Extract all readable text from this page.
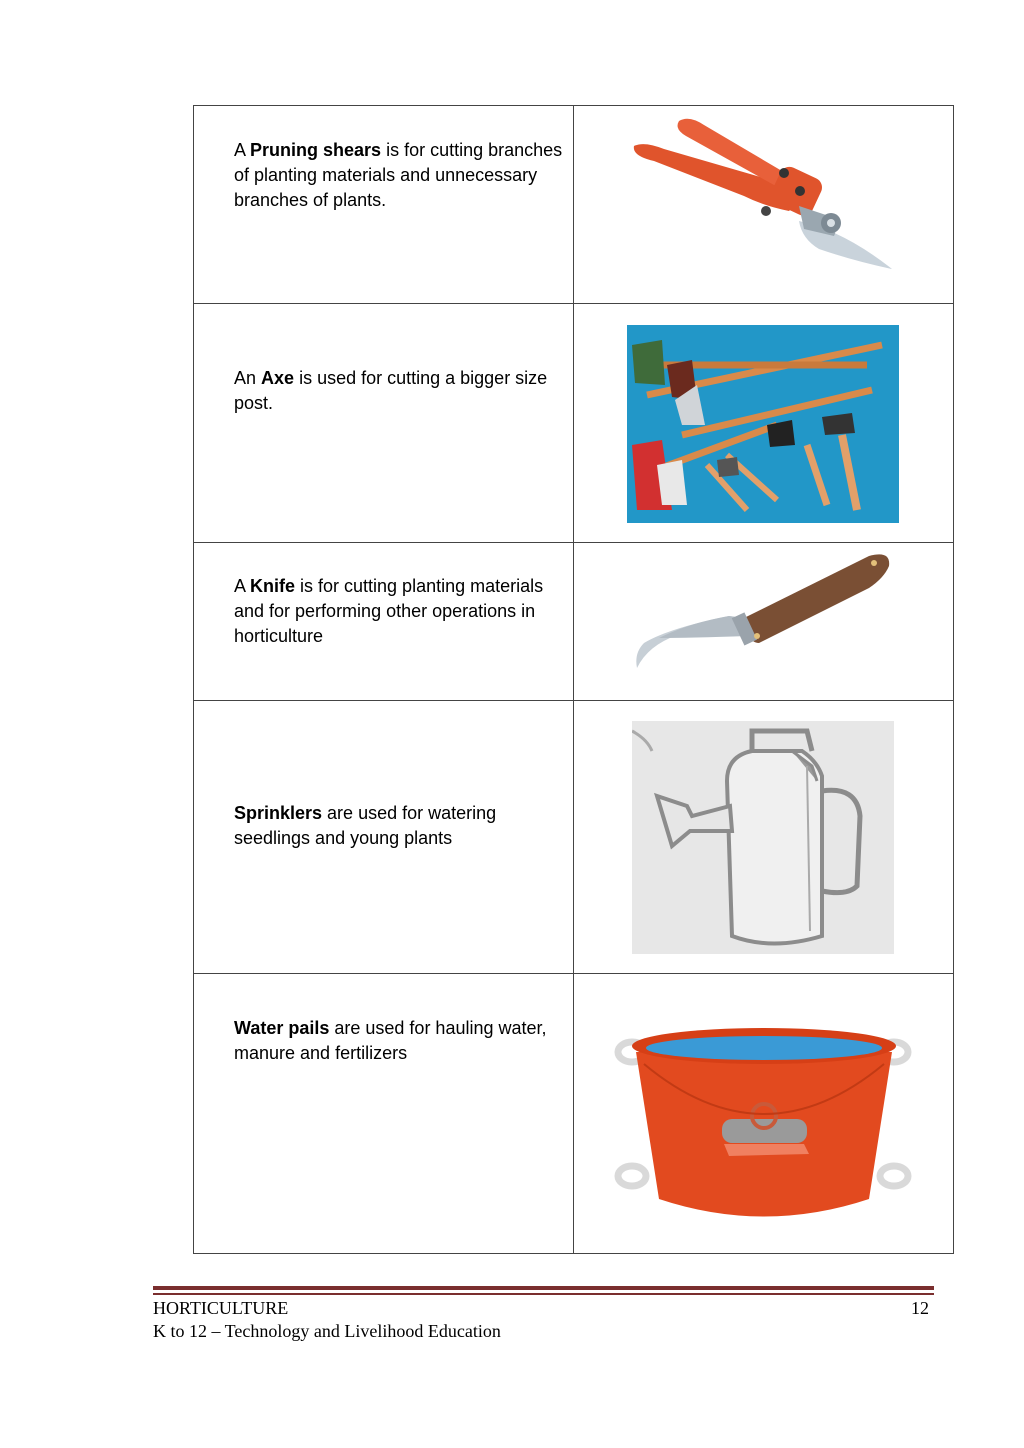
A Pruning shears is for cutting branches of planting materials and unnecessary branches of plants.

An Axe is used for cutting a bigger size post.

A Knife is for cutting planting materials and for performing other operations in horticulture

Sprinklers are used for watering seedlings and young plants

Water pails are used for hauling water, manure and fertilizers

HORTICULTURE
K to 12 – Technology and Livelihood Education
12
